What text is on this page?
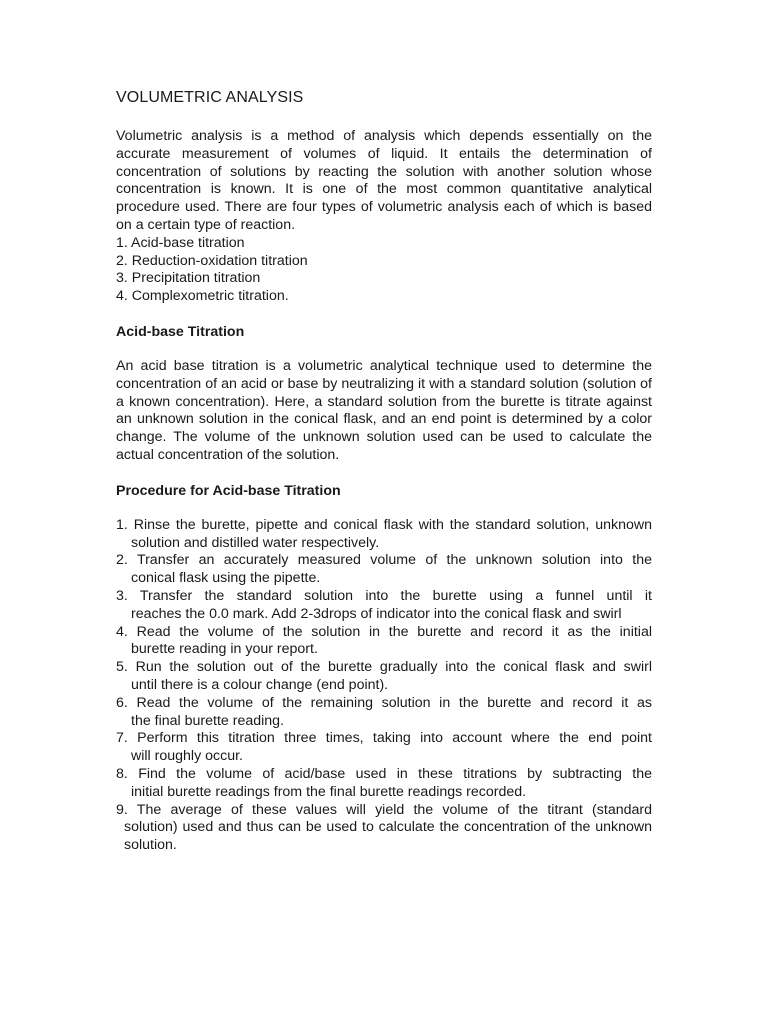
VOLUMETRIC ANALYSIS

Volumetric analysis is a method of analysis which depends essentially on the accurate measurement of volumes of liquid. It entails the determination of concentration of solutions by reacting the solution with another solution whose concentration is known. It is one of the most common quantitative analytical procedure used. There are four types of volumetric analysis each of which is based on a certain type of reaction.

1. Acid-base titration
2. Reduction-oxidation titration
3. Precipitation titration
4. Complexometric titration.
Acid-base Titration

An acid base titration is a volumetric analytical technique used to determine the concentration of an acid or base by neutralizing it with a standard solution (solution of a known concentration). Here, a standard solution from the burette is titrate against an unknown solution in the conical flask, and an end point is determined by a color change. The volume of the unknown solution used can be used to calculate the actual concentration of the solution.

Procedure for Acid-base Titration
1. Rinse the burette, pipette and conical flask with the standard solution, unknown
solution and distilled water respectively.
2. Transfer an accurately measured volume of the unknown solution into the
conical flask using the pipette.
3. Transfer the standard solution into the burette using a funnel until it
reaches the 0.0 mark. Add 2-3drops of indicator into the conical flask and swirl
4. Read the volume of the solution in the burette and record it as the initial
burette reading in your report.
5. Run the solution out of the burette gradually into the conical flask and swirl
until there is a colour change (end point).
6. Read the volume of the remaining solution in the burette and record it as
the final burette reading.
7. Perform this titration three times, taking into account where the end point
will roughly occur.
8. Find the volume of acid/base used in these titrations by subtracting the
initial burette readings from the final burette readings recorded.
9. The average of these values will yield the volume of the titrant (standard
solution) used and thus can be used to calculate the concentration of the unknown solution.
